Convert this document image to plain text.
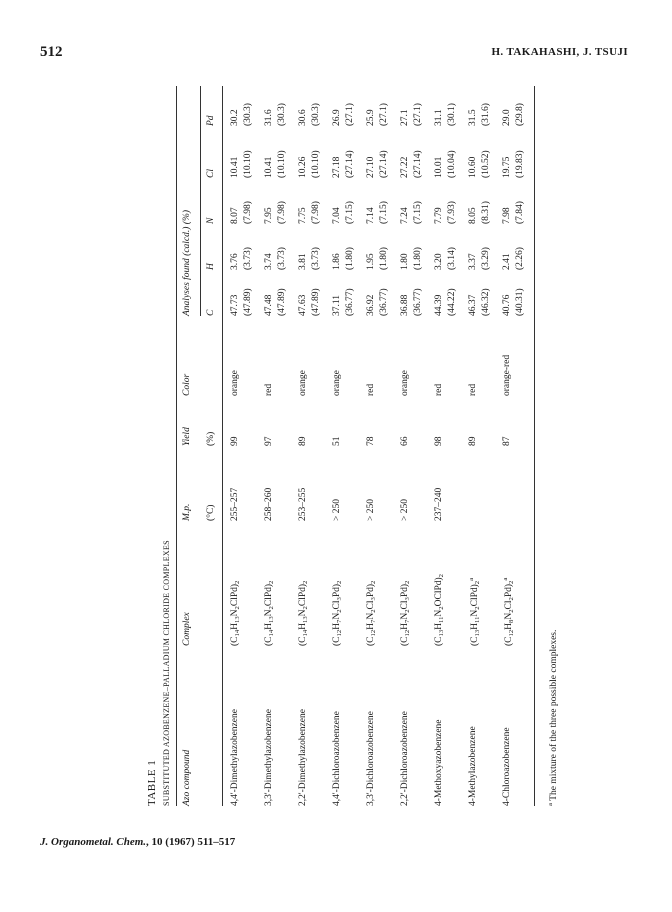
512	H. TAKAHASHI, J. TSUJI
TABLE 1 SUBSTITUTED AZOBENZENE–PALLADIUM CHLORIDE COMPLEXES Azo compound
Complex
M.p. (°C)
Yield (%)
Color
Analyses found (calcd.) (%) C
H
N
Cl
Pd
4,4'-Dimethylazobenzene
$(C_{14}H_{13}N_2ClPd)_2$
255–257
99
orange
47.73 (47.89)
3.76 (3.73)
8.07 (7.98)
10.41 (10.10)
30.2 (30.3)
3,3'-Dimethylazobenzene
$(C_{14}H_{13}N_2ClPd)_2$
258–260
97
red
47.48 (47.89)
3.74 (3.73)
7.95 (7.98)
10.41 (10.10)
31.6 (30.3)
2,2'-Dimethylazobenzene
$(C_{14}H_{13}N_2ClPd)_2$
253–255
89
orange
47.63 (47.89)
3.81 (3.73)
7.75 (7.98)
10.26 (10.10)
30.6 (30.3)
4,4'-Dichloroazobenzene
$(C_{12}H_7N_2Cl_3Pd)_2$
> 250
51
orange
37.11 (36.77)
1.86 (1.80)
7.04 (7.15)
27.18 (27.14)
26.9 (27.1)
3,3'-Dichloroazobenzene
$(C_{12}H_7N_2Cl_3Pd)_2$
> 250
78
red
36.92 (36.77)
1.95 (1.80)
7.14 (7.15)
27.10 (27.14)
25.9 (27.1)
2,2'-Dichloroazobenzene
$(C_{12}H_7N_2Cl_3Pd)_2$
> 250
66
orange
36.88 (36.77)
1.80 (1.80)
7.24 (7.15)
27.22 (27.14)
27.1 (27.1)
4-Methoxyazobenzene
$(C_{13}H_{11}N_2OClPd)_2$
237–240
98
red
44.39 (44.22)
3.20 (3.14)
7.79 (7.93)
10.01 (10.04)
31.1 (30.1)
4-Methylazobenzene
$(C_{13}H_{11}N_2ClPd)_2^a$
89
red
46.37 (46.32)
3.37 (3.29)
8.05 (8.31)
10.60 (10.52)
31.5 (31.6)
4-Chloroazobenzene
$(C_{12}H_8N_2Cl_2Pd)_2^a$
87
orange-red
40.76 (40.31)
2.41 (2.26)
7.98 (7.84)
19.75 (19.83)
29.0 (29.8)
$^a$ The mixture of the three possible complexes.
J. Organometal. Chem., 10 (1967) 511–517
